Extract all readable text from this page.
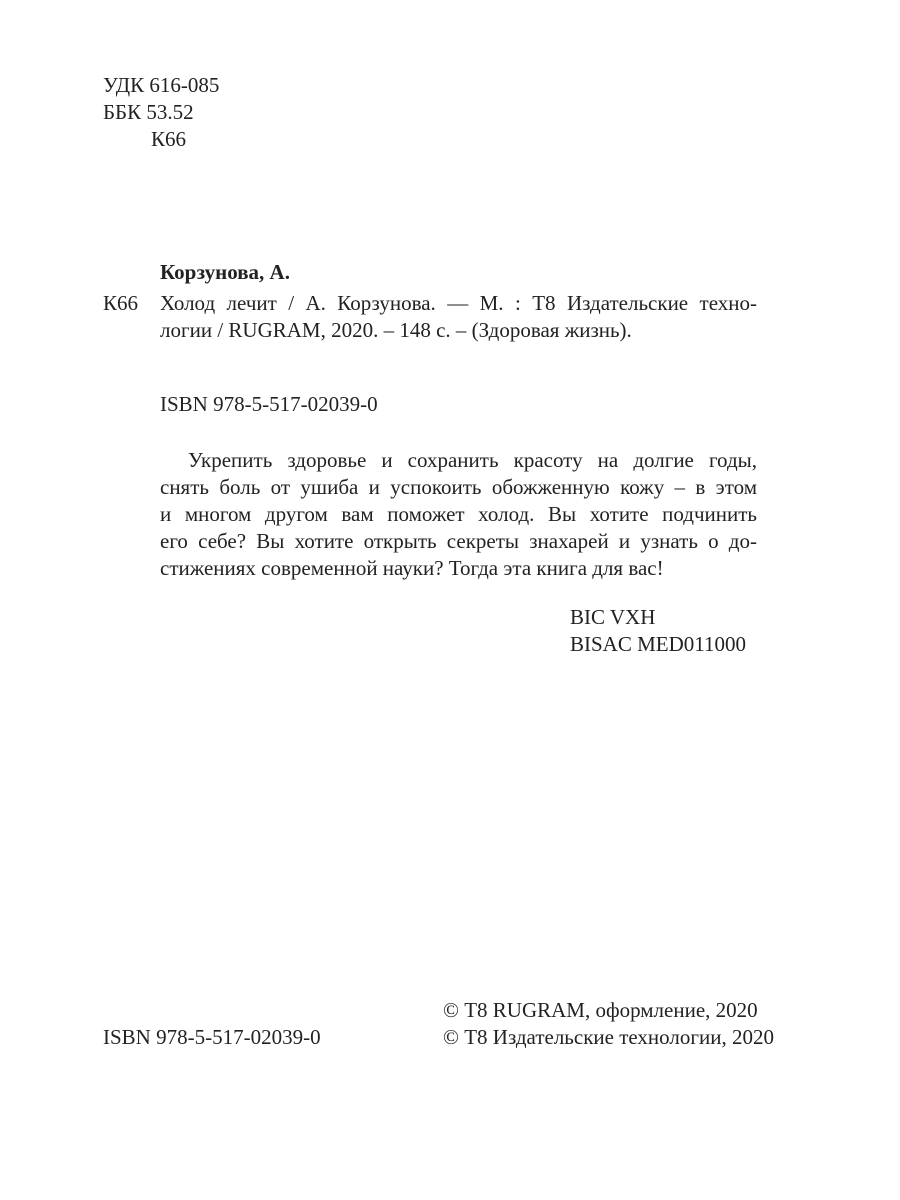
УДК 616-085
ББК 53.52
К66
Корзунова, А.
К66 Холод лечит / А. Корзунова. — М. : Т8 Издательские техно-
логии / RUGRAM, 2020. – 148 с. – (Здоровая жизнь).
ISBN 978-5-517-02039-0
Укрепить здоровье и сохранить красоту на долгие годы,
снять боль от ушиба и успокоить обожженную кожу – в этом
и многом другом вам поможет холод. Вы хотите подчинить
его себе? Вы хотите открыть секреты знахарей и узнать о до-
стижениях современной науки? Тогда эта книга для вас!
BIC VXH
BISAC MED011000
ISBN 978-5-517-02039-0
© Т8 RUGRAM, оформление, 2020
© Т8 Издательские технологии, 2020
